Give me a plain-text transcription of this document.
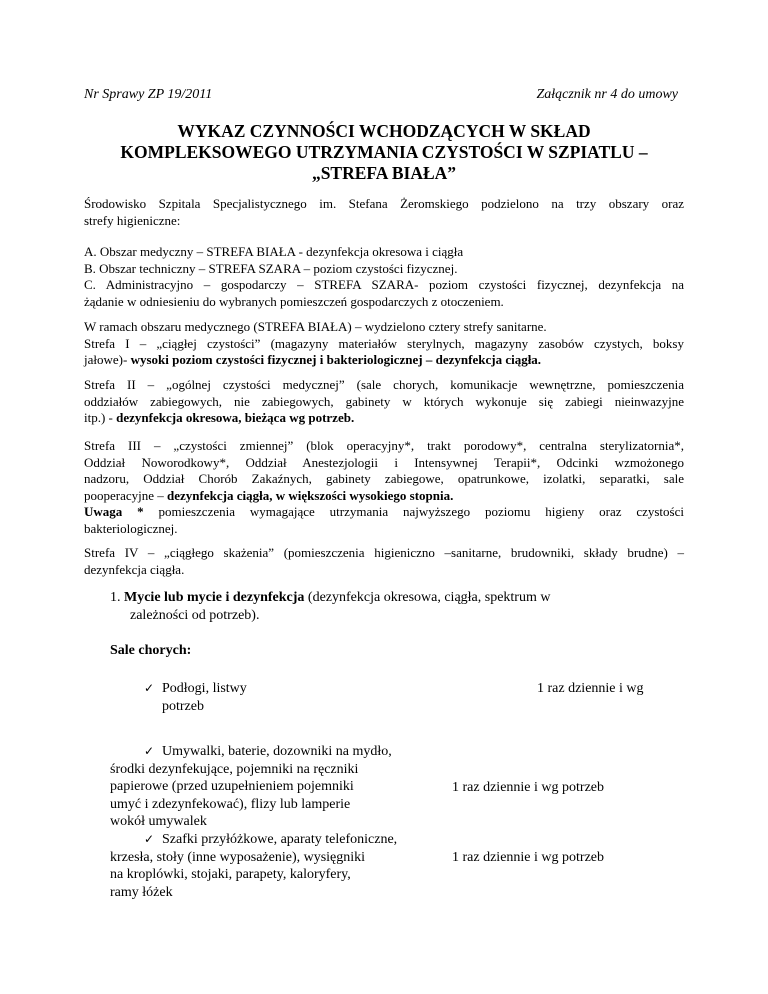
Nr Sprawy ZP 19/2011	Załącznik nr 4 do umowy
WYKAZ CZYNNOŚCI WCHODZĄCYCH W SKŁAD
KOMPLEKSOWEGO UTRZYMANIA CZYSTOŚCI W SZPIATLU –
„STREFA BIAŁA”
Środowisko Szpitala Specjalistycznego im. Stefana Żeromskiego podzielono na trzy obszary oraz
strefy higieniczne:
A. Obszar medyczny – STREFA BIAŁA - dezynfekcja okresowa i ciągła
B. Obszar techniczny – STREFA SZARA – poziom czystości fizycznej.
C. Administracyjno – gospodarczy – STREFA SZARA- poziom czystości fizycznej, dezynfekcja na
żądanie w odniesieniu do wybranych pomieszczeń gospodarczych z otoczeniem.
W ramach obszaru medycznego (STREFA BIAŁA) – wydzielono cztery strefy sanitarne.
Strefa I – „ciągłej czystości” (magazyny materiałów sterylnych, magazyny zasobów czystych, boksy
jałowe)- wysoki poziom czystości fizycznej i bakteriologicznej – dezynfekcja ciągła.
Strefa II – „ogólnej czystości medycznej” (sale chorych, komunikacje wewnętrzne, pomieszczenia
oddziałów zabiegowych, nie zabiegowych, gabinety w których wykonuje się zabiegi nieinwazyjne
itp.) - dezynfekcja okresowa, bieżąca wg potrzeb.
Strefa III – „czystości zmiennej” (blok operacyjny*, trakt porodowy*, centralna sterylizatornia*,
Oddział Noworodkowy*, Oddział Anestezjologii i Intensywnej Terapii*, Odcinki wzmożonego
nadzoru, Oddział Chorób Zakaźnych, gabinety zabiegowe, opatrunkowe, izolatki, separatki, sale
pooperacyjne – dezynfekcja ciągła, w większości wysokiego stopnia.
Uwaga * pomieszczenia wymagające utrzymania najwyższego poziomu higieny oraz czystości
bakteriologicznej.
Strefa IV – „ciągłego skażenia” (pomieszczenia higieniczno –sanitarne, brudowniki, składy brudne) –
dezynfekcja ciągła.
1. Mycie lub mycie i dezynfekcja (dezynfekcja okresowa, ciągła, spektrum w
zależności od potrzeb).
Sale chorych:
✓ Podłogi, listwy
potrzeb
1 raz dziennie i wg
✓ Umywalki, baterie, dozowniki na mydło,
środki dezynfekujące, pojemniki na ręczniki
papierowe (przed uzupełnieniem pojemniki
umyć i zdezynfekować), flizy lub lamperie
wokół umywalek
1 raz dziennie i wg potrzeb
✓ Szafki przyłóżkowe, aparaty telefoniczne,
krzesła, stoły (inne wyposażenie), wysięgniki
na kroplówki, stojaki, parapety, kaloryfery,
ramy łóżek
1 raz dziennie i wg potrzeb
